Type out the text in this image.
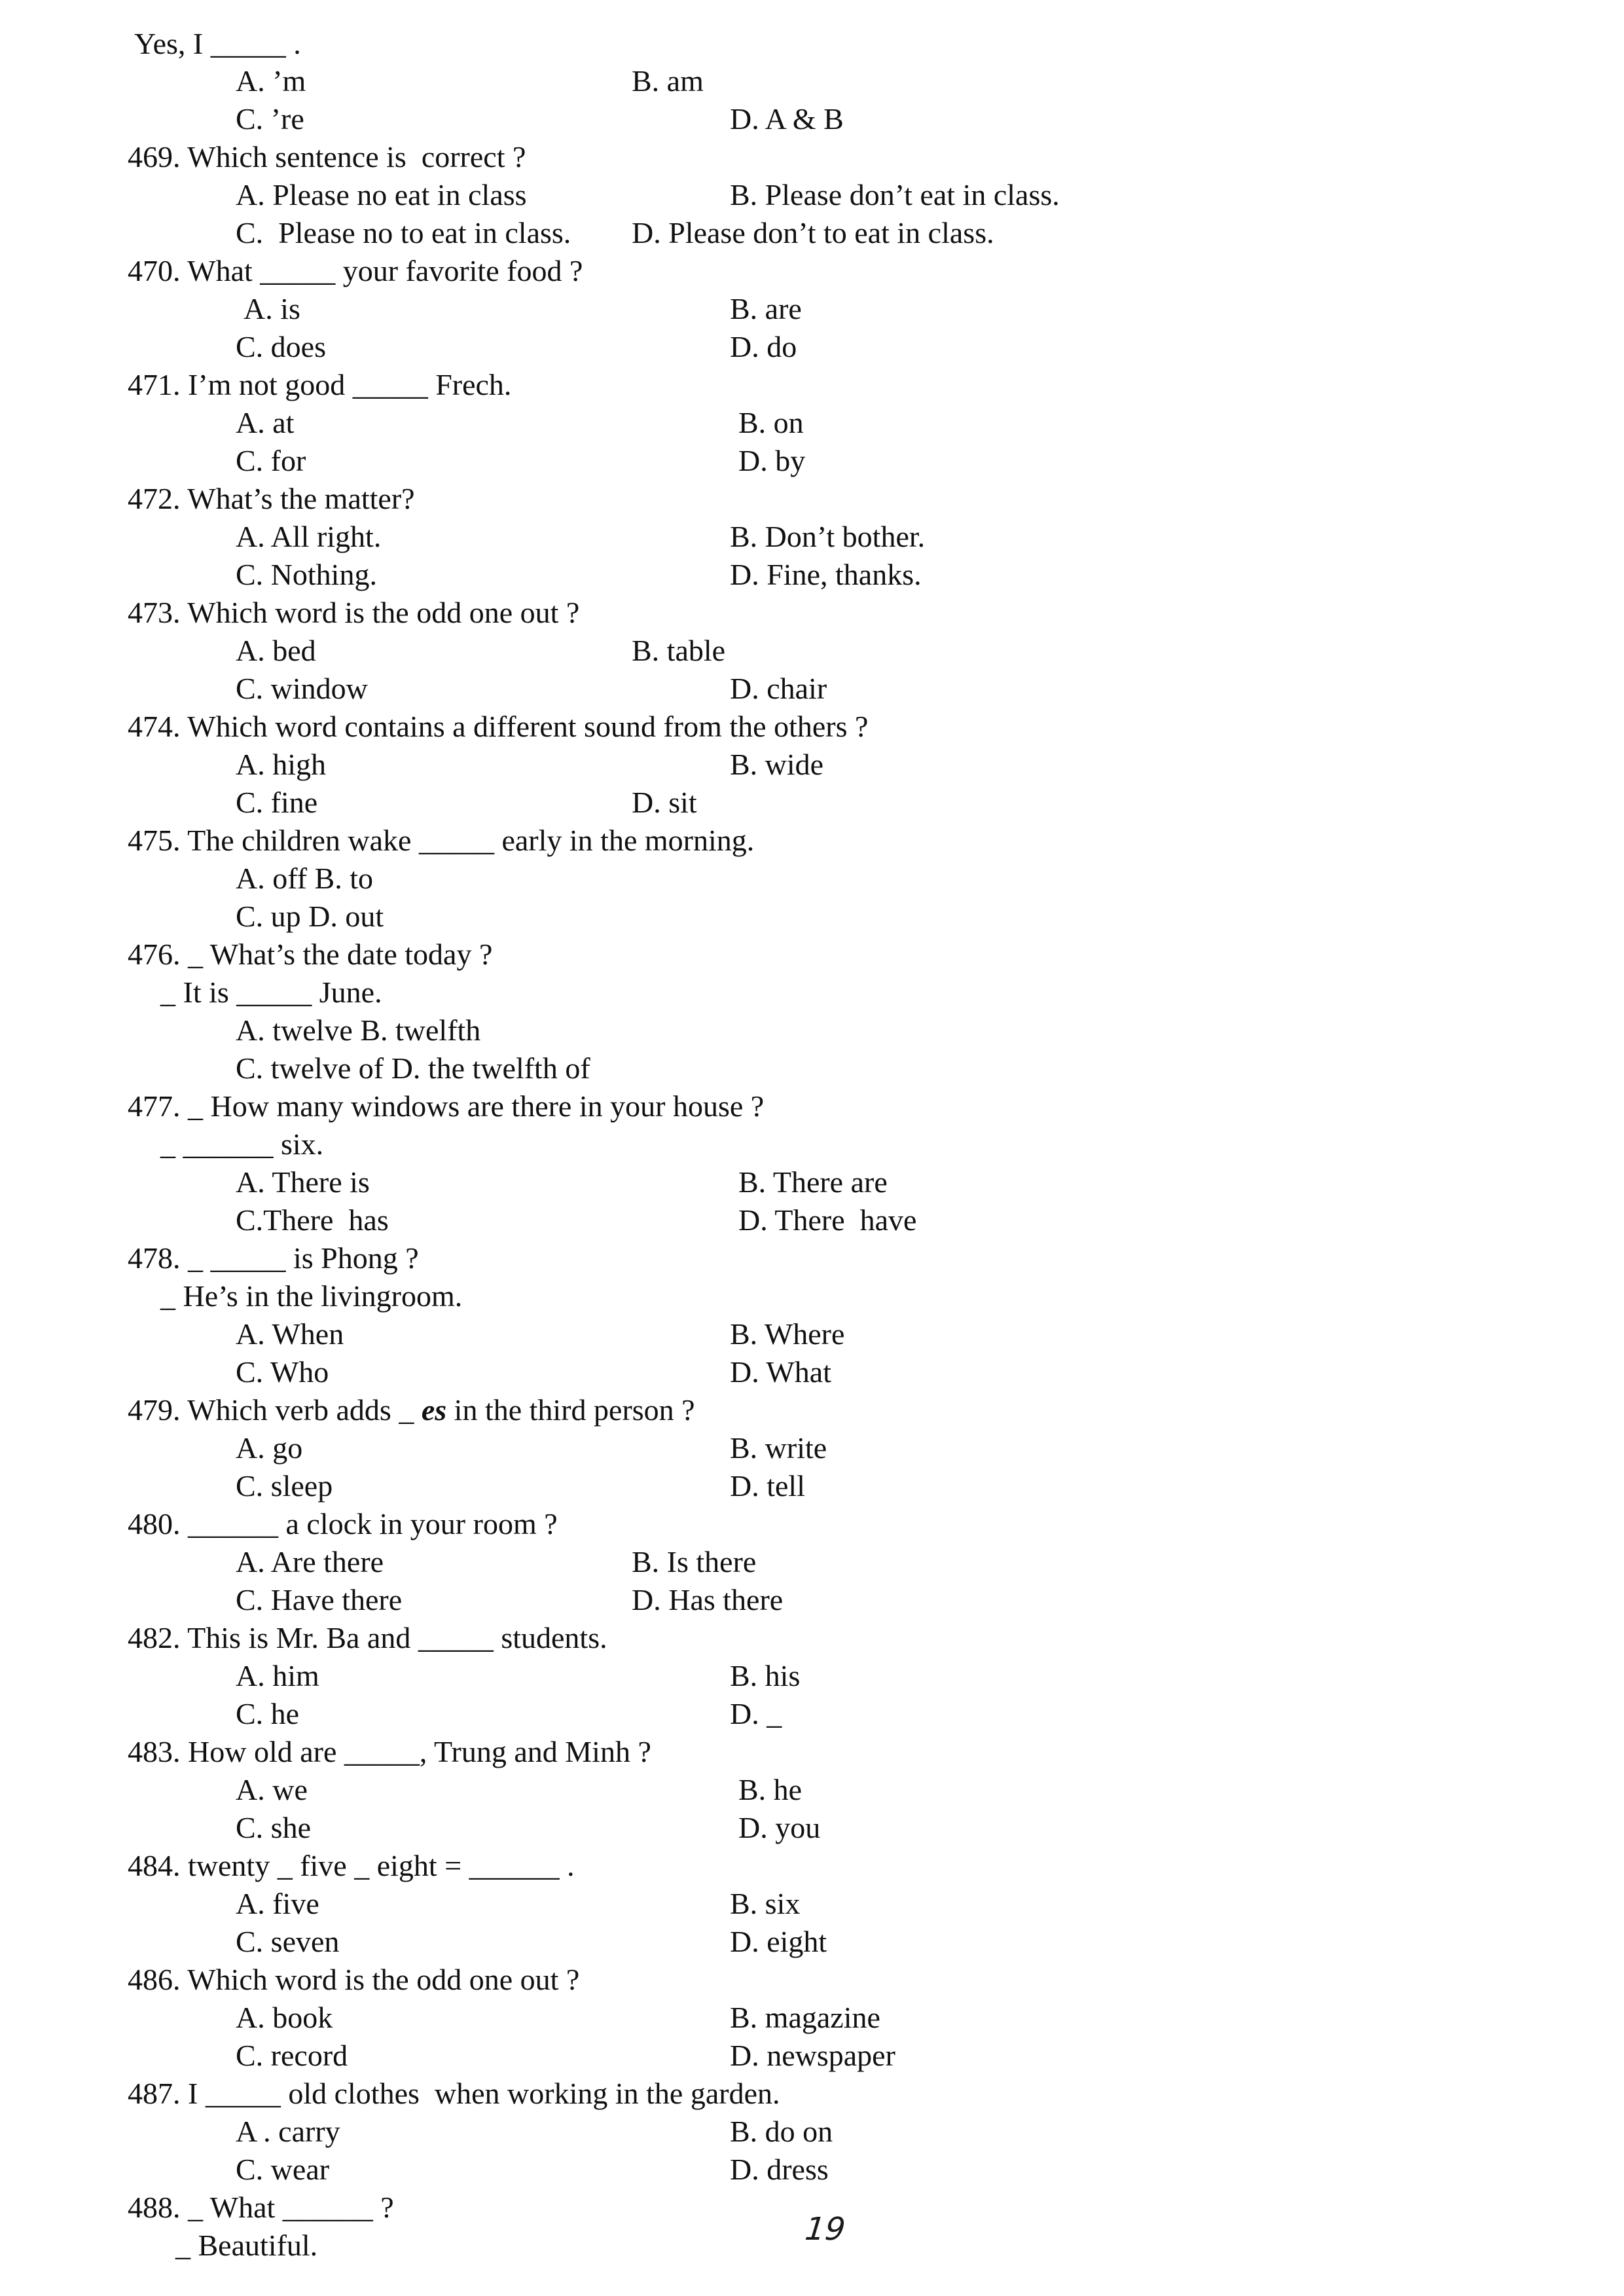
Yes, I _____ .
A. ’m	B. am
C. ’re	D. A & B
469. Which sentence is  correct ?
A. Please no eat in class	B. Please don’t eat in class.
C.  Please no to eat in class. D. Please don’t to eat in class.
470. What _____ your favorite food ?
A. is	B. are
C. does	D. do
471. I’m not good _____ Frech.
A. at	B. on
C. for	D. by
472. What’s the matter?
A. All right.	B. Don’t bother.
C. Nothing.	D. Fine, thanks.
473. Which word is the odd one out ?
A. bed	B. table
C. window	D. chair
474. Which word contains a different sound from the others ?
A. high	B. wide
C. fine	D. sit
475. The children wake _____ early in the morning.
A. off B. to
C. up D. out
476. _ What’s the date today ?
_ It is _____ June.
A. twelve B. twelfth
C. twelve of D. the twelfth of
477. _ How many windows are there in your house ?
_ ______ six.
A. There is	B. There are
C.There  has	D. There  have
478. _ _____ is Phong ?
_ He’s in the livingroom.
A. When	B. Where
C. Who	D. What
479. Which verb adds _ es in the third person ?
A. go	B. write
C. sleep	D. tell
480. ______ a clock in your room ?
A. Are there	B. Is there
C. Have there	D. Has there
482. This is Mr. Ba and _____ students.
A. him	B. his
C. he	D. _
483. How old are _____, Trung and Minh ?
A. we	B. he
C. she	D. you
484. twenty _ five _ eight = ______ .
A. five	B. six
C. seven	D. eight
486. Which word is the odd one out ?
A. book	B. magazine
C. record	D. newspaper
487. I _____ old clothes  when working in the garden.
A . carry	B. do on
C. wear	D. dress
488. _ What ______ ?
_ Beautiful.	19
